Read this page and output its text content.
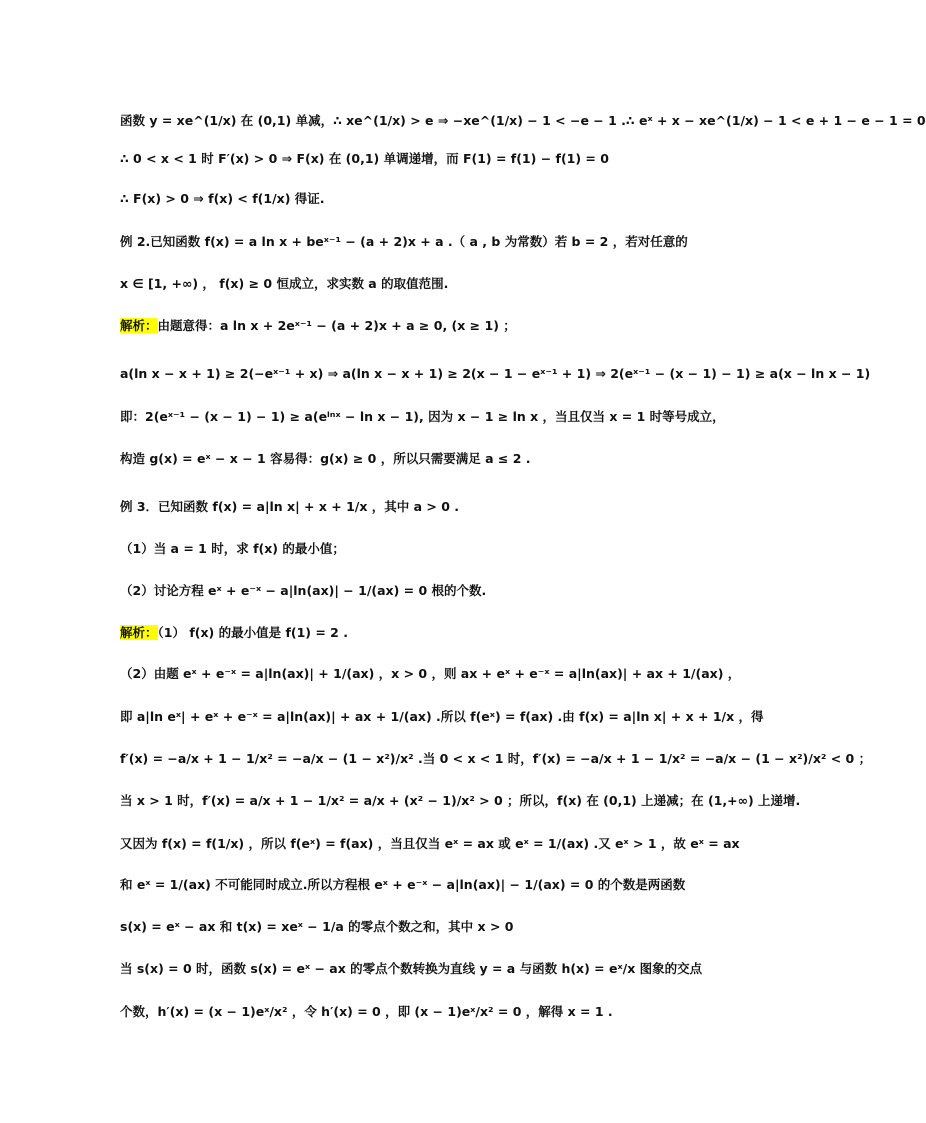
函数 y = xe^(1/x) 在 (0,1) 单减，∴ xe^(1/x) > e ⇒ −xe^(1/x) − 1 < −e − 1 .∴ eˣ + x − xe^(1/x) − 1 < e + 1 − e − 1 = 0
∴ 0 < x < 1 时 F′(x) > 0 ⇒ F(x) 在 (0,1) 单调递增，而 F(1) = f(1) − f(1) = 0
∴ F(x) > 0 ⇒ f(x) < f(1/x) 得证.
例 2.已知函数 f(x) = a ln x + beˣ⁻¹ − (a + 2)x + a .（ a , b 为常数）若 b = 2 ，若对任意的
x ∈ [1, +∞) ， f(x) ≥ 0 恒成立，求实数 a 的取值范围.
解析：由题意得：a ln x + 2eˣ⁻¹ − (a + 2)x + a ≥ 0, (x ≥ 1) ；
a(ln x − x + 1) ≥ 2(−eˣ⁻¹ + x) ⇒ a(ln x − x + 1) ≥ 2(x − 1 − eˣ⁻¹ + 1) ⇒ 2(eˣ⁻¹ − (x − 1) − 1) ≥ a(x − ln x − 1)
即：2(eˣ⁻¹ − (x − 1) − 1) ≥ a(eˡⁿˣ − ln x − 1), 因为 x − 1 ≥ ln x ，当且仅当 x = 1 时等号成立，
构造 g(x) = eˣ − x − 1 容易得：g(x) ≥ 0 ，所以只需要满足 a ≤ 2 .
例 3．已知函数 f(x) = a|ln x| + x + 1/x ，其中 a > 0 .
（1）当 a = 1 时，求 f(x) 的最小值；
（2）讨论方程 eˣ + e⁻ˣ − a|ln(ax)| − 1/(ax) = 0 根的个数.
解析：（1） f(x) 的最小值是 f(1) = 2 .
（2）由题 eˣ + e⁻ˣ = a|ln(ax)| + 1/(ax) ，x > 0 ，则 ax + eˣ + e⁻ˣ = a|ln(ax)| + ax + 1/(ax) ，
即 a|ln eˣ| + eˣ + e⁻ˣ = a|ln(ax)| + ax + 1/(ax) .所以 f(eˣ) = f(ax) .由 f(x) = a|ln x| + x + 1/x ，得
f′(x) = −a/x + 1 − 1/x² = −a/x − (1 − x²)/x² .当 0 < x < 1 时，f′(x) = −a/x + 1 − 1/x² = −a/x − (1 − x²)/x² < 0 ；
当 x > 1 时，f′(x) = a/x + 1 − 1/x² = a/x + (x² − 1)/x² > 0 ；所以，f(x) 在 (0,1) 上递减；在 (1,+∞) 上递增.
又因为 f(x) = f(1/x) ，所以 f(eˣ) = f(ax) ，当且仅当 eˣ = ax 或 eˣ = 1/(ax) .又 eˣ > 1 ，故 eˣ = ax
和 eˣ = 1/(ax) 不可能同时成立.所以方程根 eˣ + e⁻ˣ − a|ln(ax)| − 1/(ax) = 0 的个数是两函数
s(x) = eˣ − ax 和 t(x) = xeˣ − 1/a 的零点个数之和，其中 x > 0
当 s(x) = 0 时，函数 s(x) = eˣ − ax 的零点个数转换为直线 y = a 与函数 h(x) = eˣ/x 图象的交点
个数，h′(x) = (x − 1)eˣ/x² ，令 h′(x) = 0 ，即 (x − 1)eˣ/x² = 0 ，解得 x = 1 .
